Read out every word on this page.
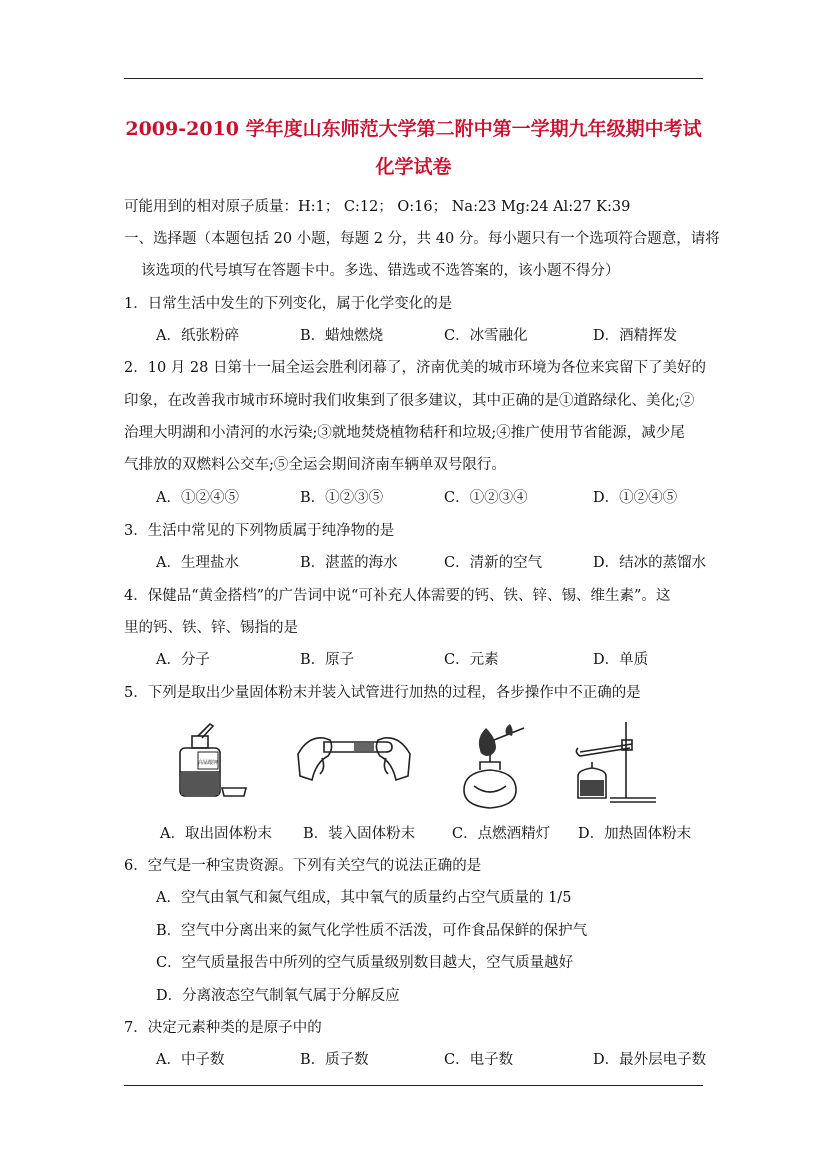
2009-2010 学年度山东师范大学第二附中第一学期九年级期中考试
化学试卷
可能用到的相对原子质量：H:1； C:12； O:16； Na:23 Mg:24 Al:27 K:39
一、选择题（本题包括 20 小题，每题 2 分，共 40 分。每小题只有一个选项符合题意，请将
该选项的代号填写在答题卡中。多选、错选或不选答案的，该小题不得分）
1．日常生活中发生的下列变化，属于化学变化的是
A．纸张粉碎	B．蜡烛燃烧	C．冰雪融化	D．酒精挥发
2．10 月 28 日第十一届全运会胜利闭幕了，济南优美的城市环境为各位来宾留下了美好的
印象，在改善我市城市环境时我们收集到了很多建议，其中正确的是①道路绿化、美化;②
治理大明湖和小清河的水污染;③就地焚烧植物秸秆和垃圾;④推广使用节省能源，减少尾
气排放的双燃料公交车;⑤全运会期间济南车辆单双号限行。
A．①②④⑤	B．①②③⑤	C．①②③④	D．①②④⑤
3．生活中常见的下列物质属于纯净物的是
A．生理盐水	B．湛蓝的海水	C．清新的空气	D．结冰的蒸馏水
4．保健品“黄金搭档”的广告词中说“可补充人体需要的钙、铁、锌、锡、维生素”。这
里的钙、铁、锌、锡指的是
A．分子	B．原子	C．元素	D．单质
5．下列是取出少量固体粉末并装入试管进行加热的过程，各步操作中不正确的是
高锰酸钾
A．取出固体粉末 B．装入固体粉末	C．点燃酒精灯 D．加热固体粉末
6．空气是一种宝贵资源。下列有关空气的说法正确的是
A．空气由氧气和氮气组成，其中氧气的质量约占空气质量的 1/5
B．空气中分离出来的氮气化学性质不活泼，可作食品保鲜的保护气
C．空气质量报告中所列的空气质量级别数目越大，空气质量越好
D．分离液态空气制氧气属于分解反应
7．决定元素种类的是原子中的
A．中子数	B．质子数	C．电子数	D．最外层电子数
